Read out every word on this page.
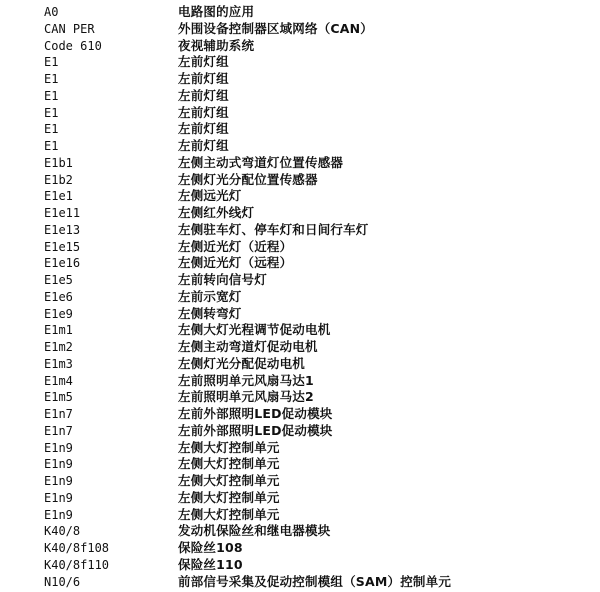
A0	电路图的应用
CAN PER	外围设备控制器区域网络（CAN）
Code 610	夜视辅助系统
E1	左前灯组
E1	左前灯组
E1	左前灯组
E1	左前灯组
E1	左前灯组
E1	左前灯组
E1b1	左侧主动式弯道灯位置传感器
E1b2	左侧灯光分配位置传感器
E1e1	左侧远光灯
E1e11	左侧红外线灯
E1e13	左侧驻车灯、停车灯和日间行车灯
E1e15	左侧近光灯（近程）
E1e16	左侧近光灯（远程）
E1e5	左前转向信号灯
E1e6	左前示宽灯
E1e9	左侧转弯灯
E1m1	左侧大灯光程调节促动电机
E1m2	左侧主动弯道灯促动电机
E1m3	左侧灯光分配促动电机
E1m4	左前照明单元风扇马达1
E1m5	左前照明单元风扇马达2
E1n7	左前外部照明LED促动模块
E1n7	左前外部照明LED促动模块
E1n9	左侧大灯控制单元
E1n9	左侧大灯控制单元
E1n9	左侧大灯控制单元
E1n9	左侧大灯控制单元
E1n9	左侧大灯控制单元
K40/8	发动机保险丝和继电器模块
K40/8f108	保险丝108
K40/8f110	保险丝110
N10/6	前部信号采集及促动控制模组（SAM）控制单元
